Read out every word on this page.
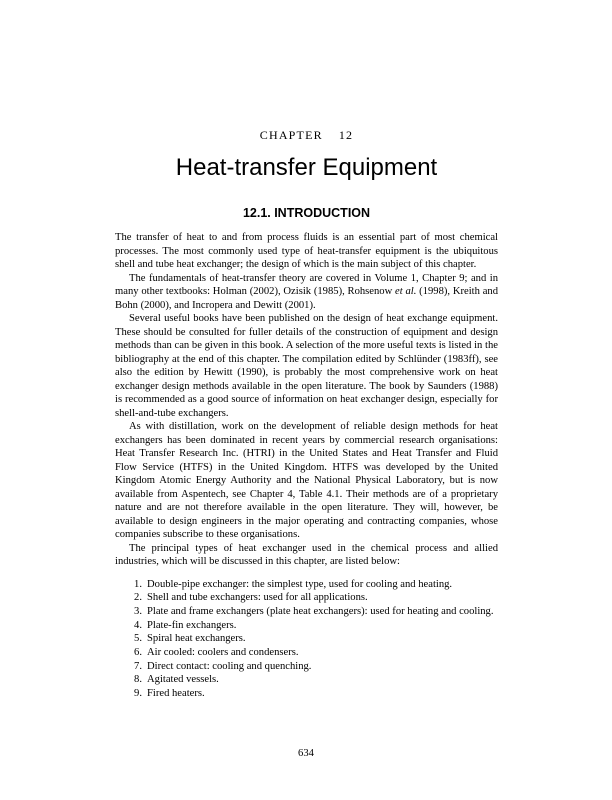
CHAPTER 12
Heat-transfer Equipment
12.1. INTRODUCTION

The transfer of heat to and from process fluids is an essential part of most chemical processes. The most commonly used type of heat-transfer equipment is the ubiquitous shell and tube heat exchanger; the design of which is the main subject of this chapter.

The fundamentals of heat-transfer theory are covered in Volume 1, Chapter 9; and in many other textbooks: Holman (2002), Ozisik (1985), Rohsenow et al. (1998), Kreith and Bohn (2000), and Incropera and Dewitt (2001).

Several useful books have been published on the design of heat exchange equipment. These should be consulted for fuller details of the construction of equipment and design methods than can be given in this book. A selection of the more useful texts is listed in the bibliography at the end of this chapter. The compilation edited by Schlünder (1983ff), see also the edition by Hewitt (1990), is probably the most comprehensive work on heat exchanger design methods available in the open literature. The book by Saunders (1988) is recommended as a good source of information on heat exchanger design, especially for shell-and-tube exchangers.

As with distillation, work on the development of reliable design methods for heat exchangers has been dominated in recent years by commercial research organisations: Heat Transfer Research Inc. (HTRI) in the United States and Heat Transfer and Fluid Flow Service (HTFS) in the United Kingdom. HTFS was developed by the United Kingdom Atomic Energy Authority and the National Physical Laboratory, but is now available from Aspentech, see Chapter 4, Table 4.1. Their methods are of a proprietary nature and are not therefore available in the open literature. They will, however, be available to design engineers in the major operating and contracting companies, whose companies subscribe to these organisations.

The principal types of heat exchanger used in the chemical process and allied industries, which will be discussed in this chapter, are listed below:

1. Double-pipe exchanger: the simplest type, used for cooling and heating.
2. Shell and tube exchangers: used for all applications.
3. Plate and frame exchangers (plate heat exchangers): used for heating and cooling.
4. Plate-fin exchangers.
5. Spiral heat exchangers.
6. Air cooled: coolers and condensers.
7. Direct contact: cooling and quenching.
8. Agitated vessels.
9. Fired heaters.
634
